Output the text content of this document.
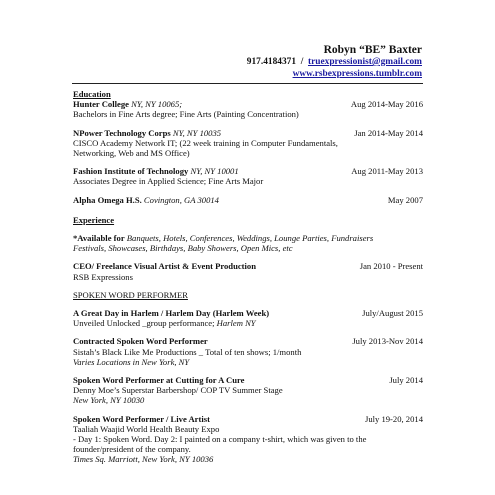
Robyn “BE” Baxter
917.4184371 / truexpressionist@gmail.com
www.rsbexpressions.tumblr.com
Education
Hunter College NY, NY 10065;	Aug 2014-May 2016
Bachelors in Fine Arts degree; Fine Arts (Painting Concentration)
NPower Technology Corps NY, NY 10035	Jan 2014-May 2014
CISCO Academy Network IT; (22 week training in Computer Fundamentals,
Networking, Web and MS Office)
Fashion Institute of Technology NY, NY 10001	Aug 2011-May 2013
Associates Degree in Applied Science; Fine Arts Major
Alpha Omega H.S. Covington, GA 30014	May 2007
Experience
*Available for Banquets, Hotels, Conferences, Weddings, Lounge Parties, Fundraisers
Festivals, Showcases, Birthdays, Baby Showers, Open Mics, etc
CEO/ Freelance Visual Artist & Event Production	Jan 2010 - Present
RSB Expressions
SPOKEN WORD PERFORMER
A Great Day in Harlem / Harlem Day (Harlem Week)	July/August 2015
Unveiled Unlocked _group performance; Harlem NY
Contracted Spoken Word Performer	July 2013-Nov 2014
Sistah’s Black Like Me Productions _ Total of ten shows; 1/month
Varies Locations in New York, NY
Spoken Word Performer at Cutting for A Cure	July 2014
Denny Moe’s Superstar Barbershop/ COP TV Summer Stage
New York, NY 10030
Spoken Word Performer / Live Artist	July 19-20, 2014
Taaliah Waajid World Health Beauty Expo
- Day 1: Spoken Word. Day 2: I painted on a company t-shirt, which was given to the
founder/president of the company.
Times Sq. Marriott, New York, NY 10036
